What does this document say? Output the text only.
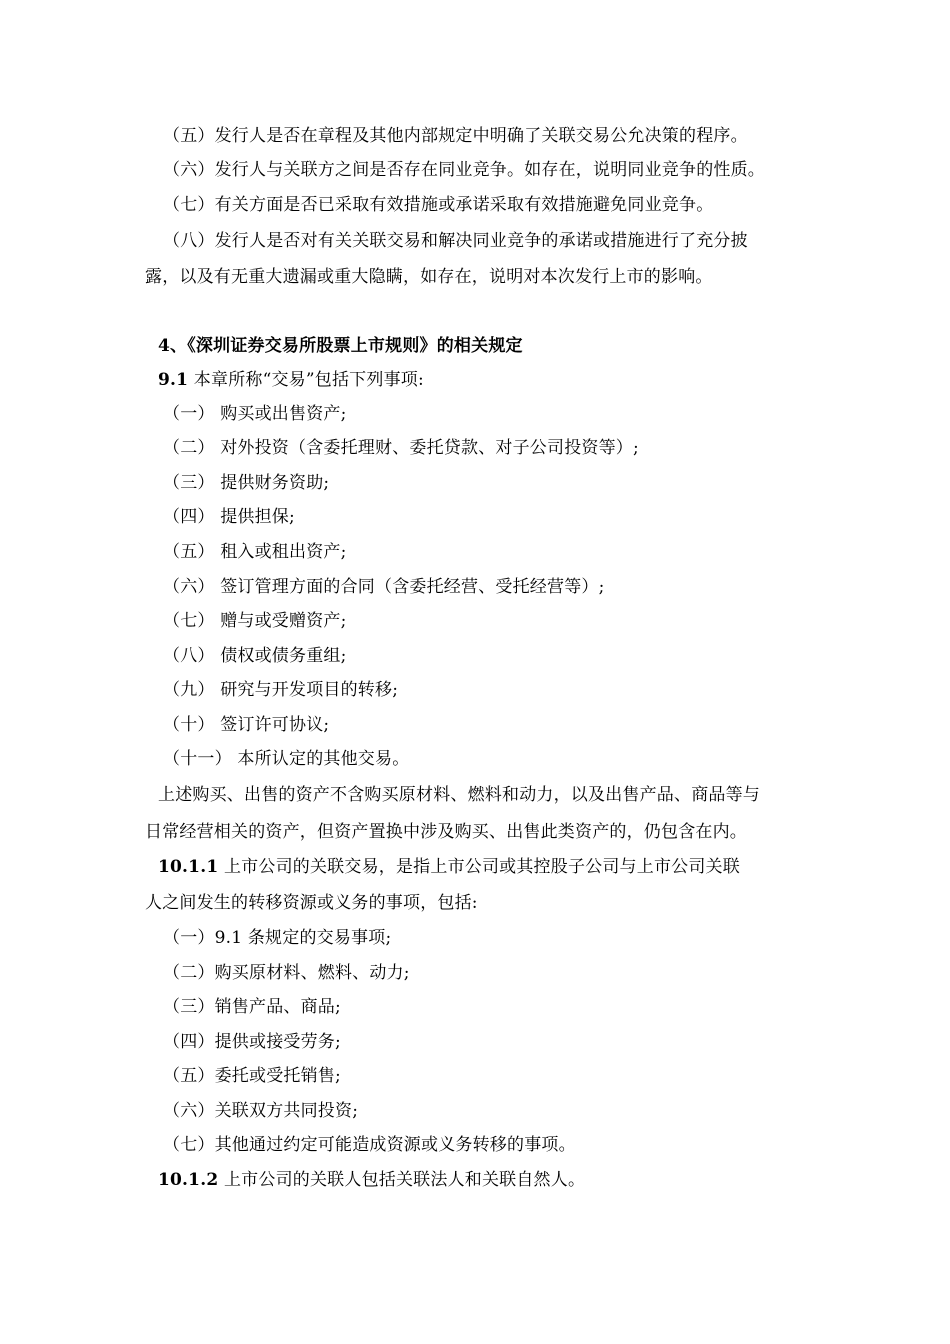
（五）发行人是否在章程及其他内部规定中明确了关联交易公允决策的程序。
（六）发行人与关联方之间是否存在同业竞争。如存在，说明同业竞争的性质。
（七）有关方面是否已采取有效措施或承诺采取有效措施避免同业竞争。
（八）发行人是否对有关关联交易和解决同业竞争的承诺或措施进行了充分披
露，以及有无重大遗漏或重大隐瞒，如存在，说明对本次发行上市的影响。
4、《深圳证券交易所股票上市规则》的相关规定
9.1 本章所称“交易”包括下列事项:
（一） 购买或出售资产;
（二） 对外投资（含委托理财、委托贷款、对子公司投资等）;
（三） 提供财务资助;
（四） 提供担保;
（五） 租入或租出资产;
（六） 签订管理方面的合同（含委托经营、受托经营等）;
（七） 赠与或受赠资产;
（八） 债权或债务重组;
（九） 研究与开发项目的转移;
（十） 签订许可协议;
（十一） 本所认定的其他交易。
上述购买、出售的资产不含购买原材料、燃料和动力，以及出售产品、商品等与
日常经营相关的资产，但资产置换中涉及购买、出售此类资产的，仍包含在内。
10.1.1 上市公司的关联交易，是指上市公司或其控股子公司与上市公司关联
人之间发生的转移资源或义务的事项，包括:
（一）9.1 条规定的交易事项;
（二）购买原材料、燃料、动力;
（三）销售产品、商品;
（四）提供或接受劳务;
（五）委托或受托销售;
（六）关联双方共同投资;
（七）其他通过约定可能造成资源或义务转移的事项。
10.1.2 上市公司的关联人包括关联法人和关联自然人。
